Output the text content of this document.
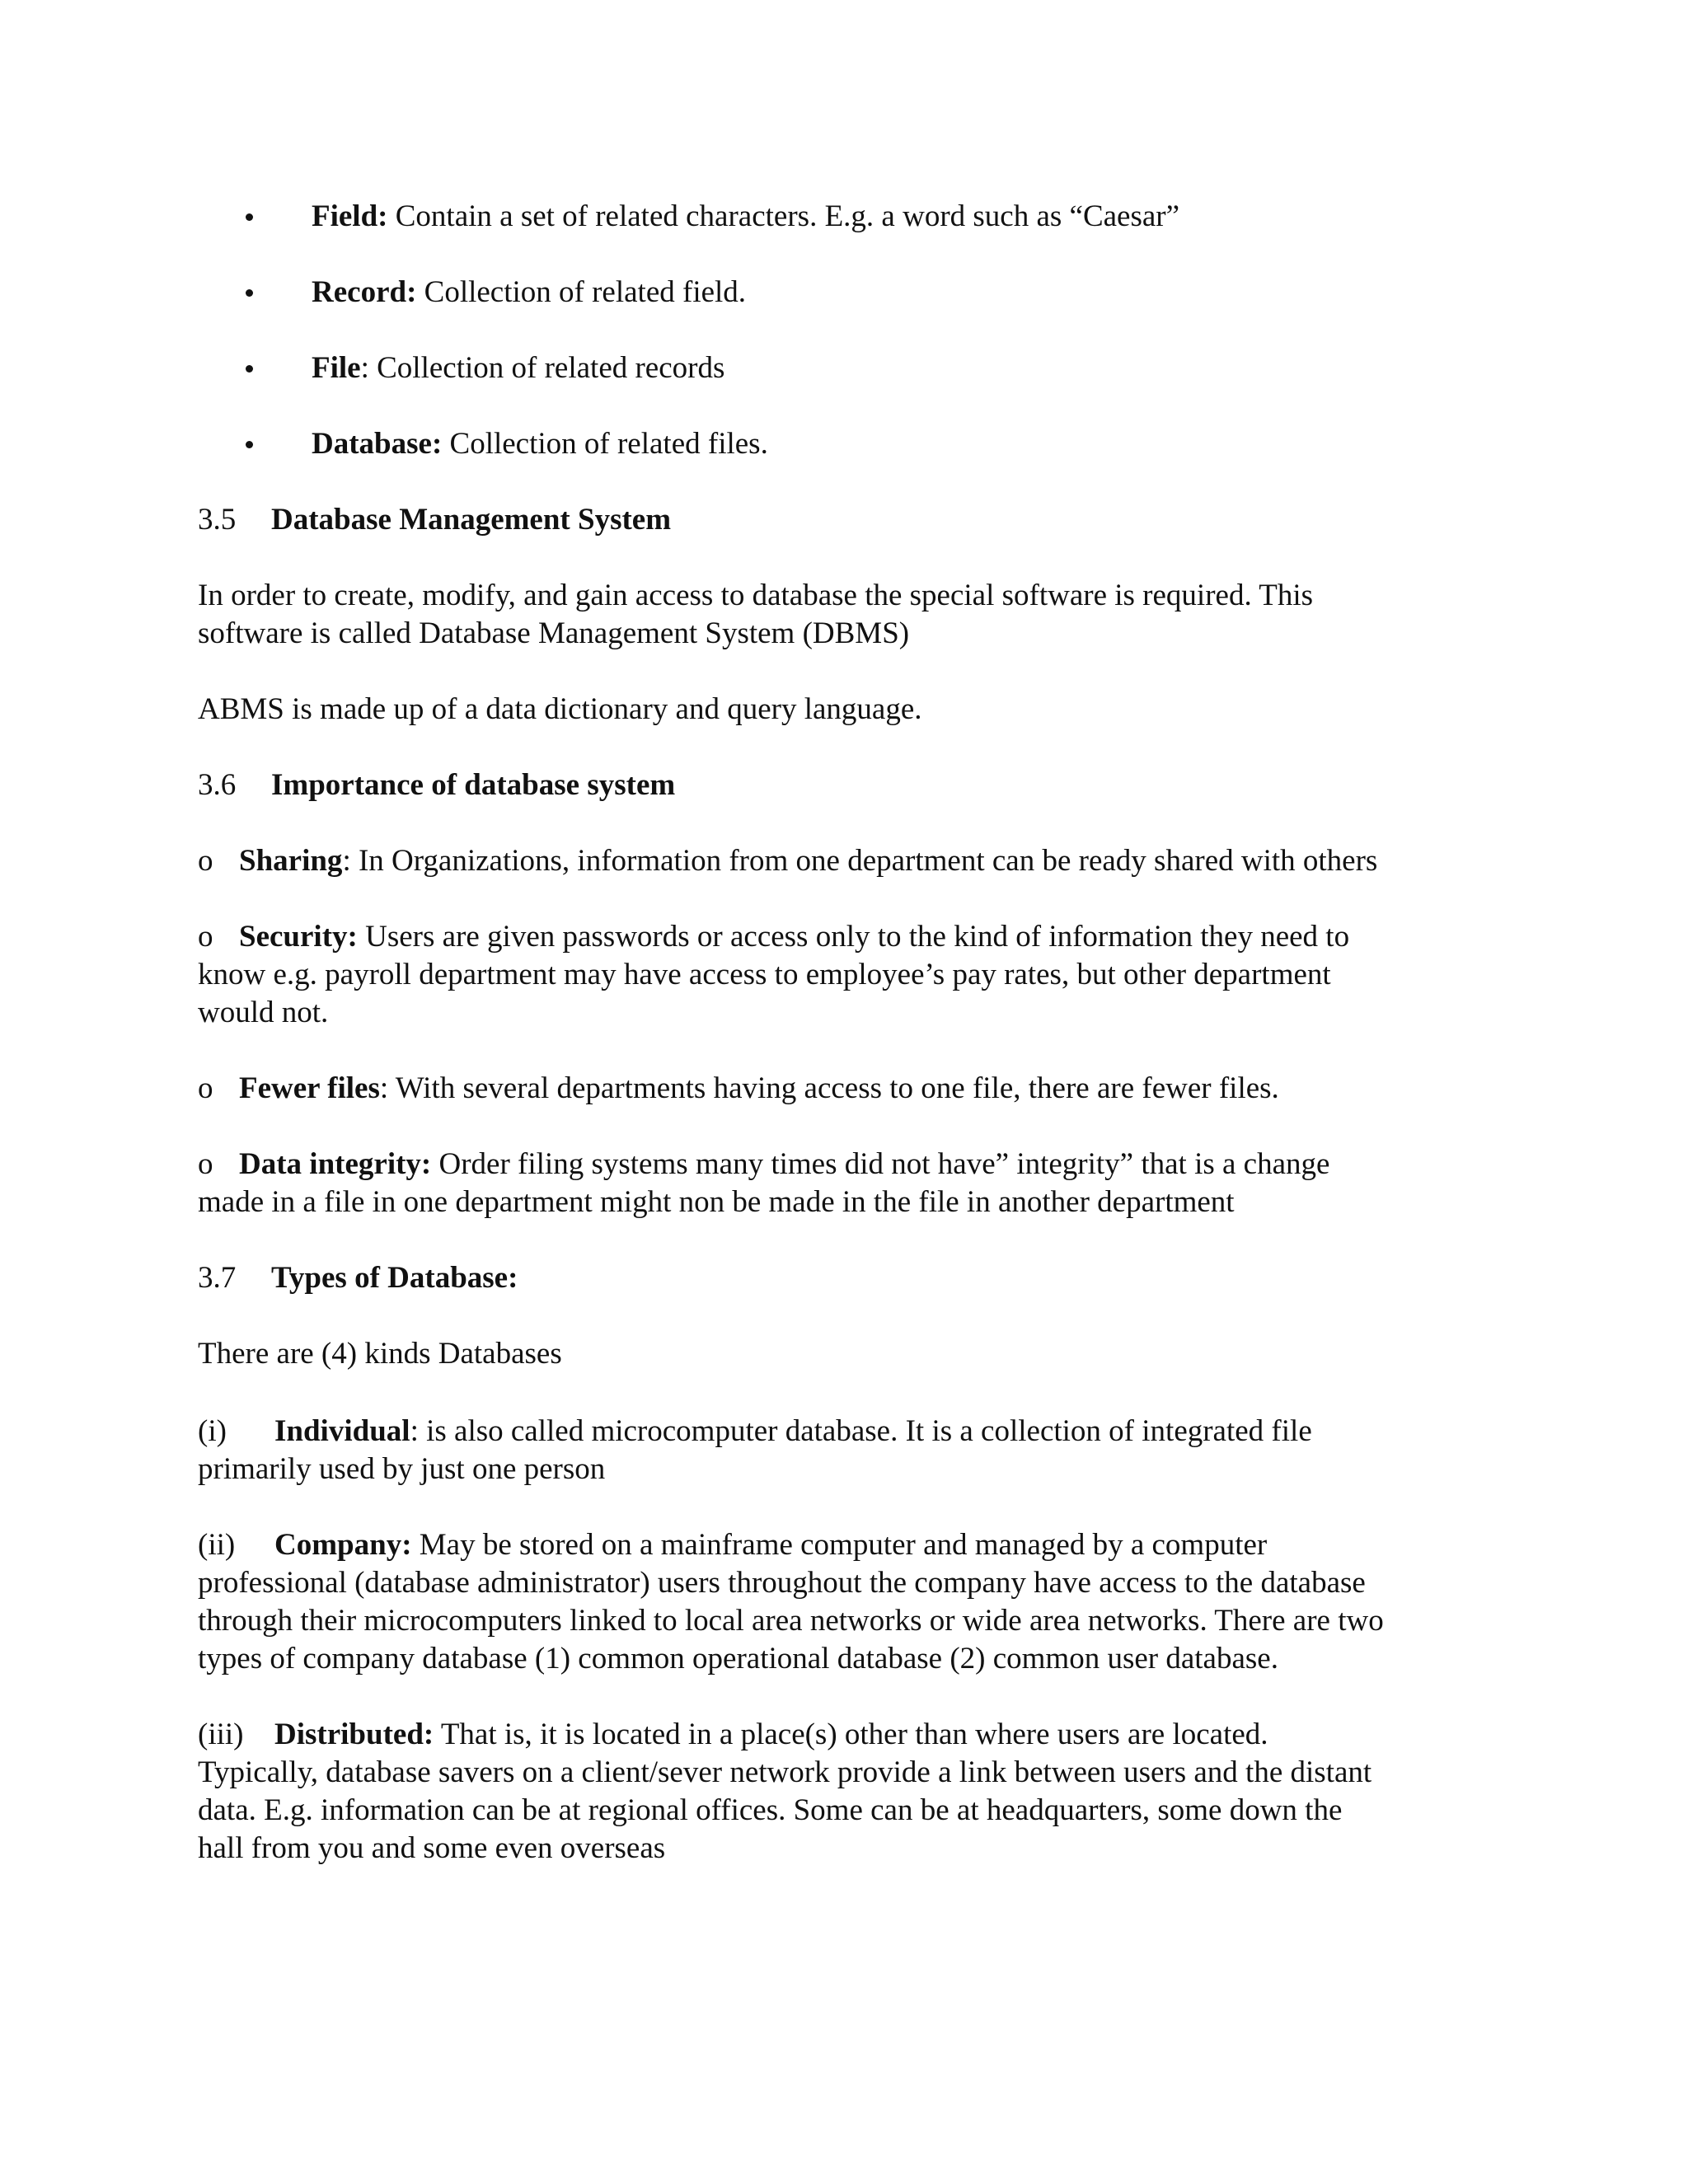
Field: Contain a set of related characters. E.g. a word such as “Caesar”
Record: Collection of related field.
File: Collection of related records
Database: Collection of related files.
3.5 Database Management System

In order to create, modify, and gain access to database the special software is required. This
software is called Database Management System (DBMS)

ABMS is made up of a data dictionary and query language.

3.6 Importance of database system

o Sharing: In Organizations, information from one department can be ready shared with others

o Security: Users are given passwords or access only to the kind of information they need to
know e.g. payroll department may have access to employee’s pay rates, but other department
would not.

o Fewer files: With several departments having access to one file, there are fewer files.

o Data integrity: Order filing systems many times did not have” integrity” that is a change
made in a file in one department might non be made in the file in another department

3.7 Types of Database:

There are (4) kinds Databases

(i) Individual: is also called microcomputer database. It is a collection of integrated file
primarily used by just one person

(ii) Company: May be stored on a mainframe computer and managed by a computer
professional (database administrator) users throughout the company have access to the database
through their microcomputers linked to local area networks or wide area networks. There are two
types of company database (1) common operational database (2) common user database.

(iii) Distributed: That is, it is located in a place(s) other than where users are located.
Typically, database savers on a client/sever network provide a link between users and the distant
data. E.g. information can be at regional offices. Some can be at headquarters, some down the
hall from you and some even overseas
